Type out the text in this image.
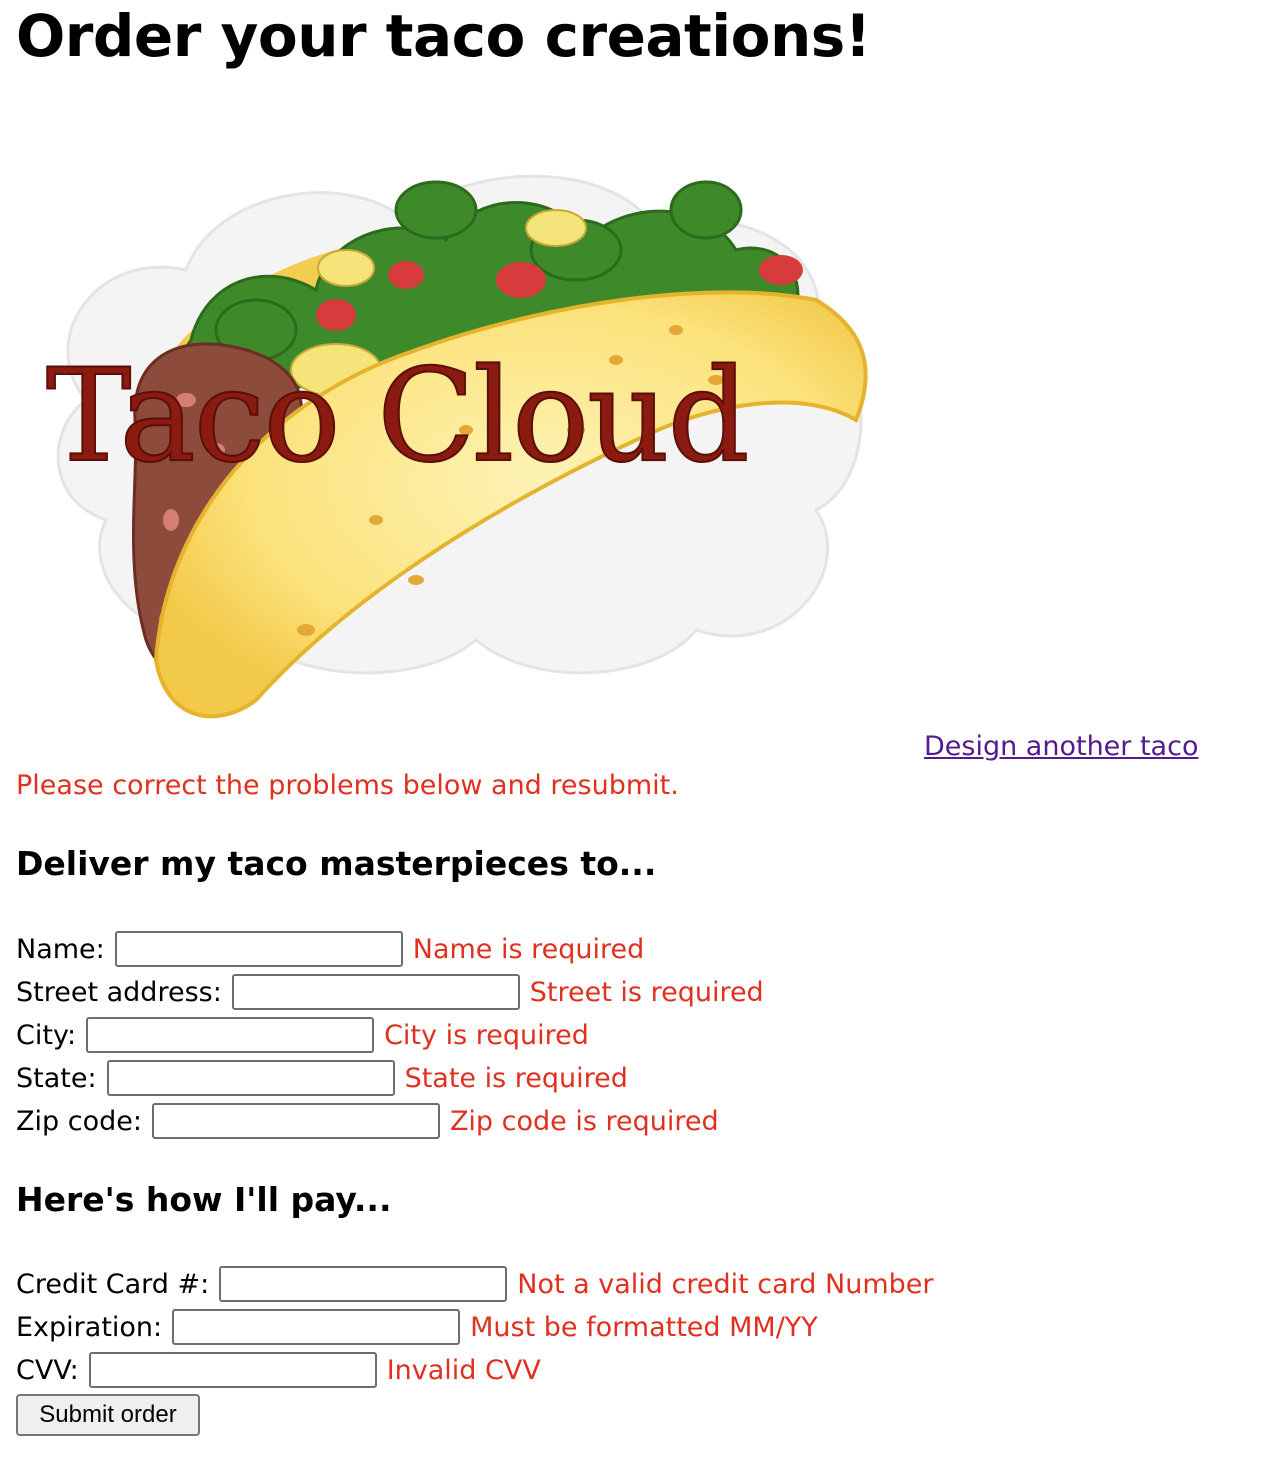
Order your taco creations!
Taco Cloud
Design another taco
Please correct the problems below and resubmit.
Deliver my taco masterpieces to...
Name:	Name is required
Street address:	Street is required
City:	City is required
State:	State is required
Zip code:	Zip code is required
Here's how I'll pay...
Credit Card #:	Not a valid credit card Number
Expiration:	Must be formatted MM/YY
CVV:	Invalid CVV
Submit order
